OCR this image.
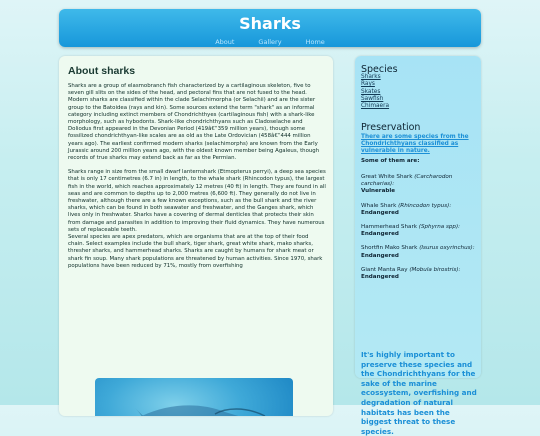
Sharks
About	Gallery	Home
About sharks

Sharks are a group of elasmobranch fish characterized by a cartilaginous skeleton, five to seven gill slits on the sides of the head, and pectoral fins that are not fused to the head. Modern sharks are classified within the clade Selachimorpha (or Selachii) and are the sister group to the Batoidea (rays and kin). Some sources extend the term "shark" as an informal category including extinct members of Chondrichthyes (cartilaginous fish) with a shark-like morphology, such as hybodonts. Shark-like chondrichthyans such as Cladoselache and Doliodus first appeared in the Devonian Period (419â€“359 million years), though some fossilized chondrichthyan-like scales are as old as the Late Ordovician (458â€“444 million years ago). The earliest confirmed modern sharks (selachimorphs) are known from the Early Jurassic around 200 million years ago, with the oldest known member being Agaleus, though records of true sharks may extend back as far as the Permian.

Sharks range in size from the small dwarf lanternshark (Etmopterus perryi), a deep sea species that is only 17 centimetres (6.7 in) in length, to the whale shark (Rhincodon typus), the largest fish in the world, which reaches approximately 12 metres (40 ft) in length. They are found in all seas and are common to depths up to 2,000 metres (6,600 ft). They generally do not live in freshwater, although there are a few known exceptions, such as the bull shark and the river sharks, which can be found in both seawater and freshwater, and the Ganges shark, which lives only in freshwater. Sharks have a covering of dermal denticles that protects their skin from damage and parasites in addition to improving their fluid dynamics. They have numerous sets of replaceable teeth.

Several species are apex predators, which are organisms that are at the top of their food chain. Select examples include the bull shark, tiger shark, great white shark, mako sharks, thresher sharks, and hammerhead sharks. Sharks are caught by humans for shark meat or shark fin soup. Many shark populations are threatened by human activities. Since 1970, shark populations have been reduced by 71%, mostly from overfishing

Species
Sharks
Rays
Skates
Sawfish
Chimaera
Preservation
There are some species from the Chondrichthyans classified as vulnerable in nature.
Some of them are:
Great White Shark (Carcharodon carcharias):
Vulnerable
Whale Shark (Rhincodon typus):
Endangered
Hammerhead Shark (Sphyrna spp):
Endangered
Shortfin Mako Shark (Isurus oxyrinchus):
Endangered
Giant Manta Ray (Mobula birostris):
Endangered
It's highly important to preserve these species and the Chondrichthyans for the sake of the marine ecossystem, overfishing and degradation of natural habitats has been the biggest threat to these species.
